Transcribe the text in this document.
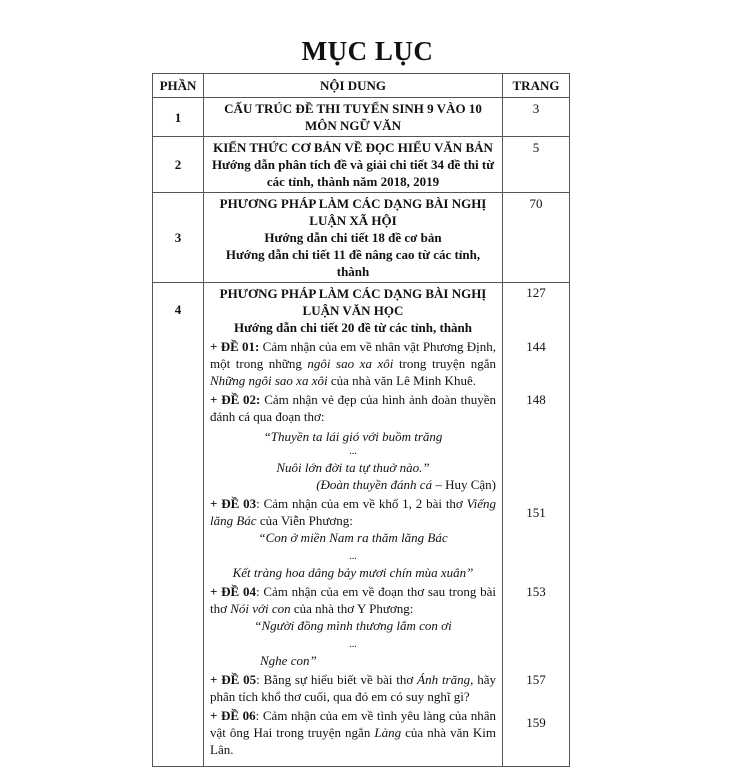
MỤC LỤC
PHẦN	NỘI DUNG	TRANG
1	CẤU TRÚC ĐỀ THI TUYỂN SINH 9 VÀO 10 MÔN NGỮ VĂN	3
2	KIẾN THỨC CƠ BẢN VỀ ĐỌC HIỂU VĂN BẢN
Hướng dẫn phân tích đề và giải chi tiết 34 đề thi từ các tỉnh, thành năm 2018, 2019	5
3	PHƯƠNG PHÁP LÀM CÁC DẠNG BÀI NGHỊ LUẬN XÃ HỘI
Hướng dẫn chi tiết 18 đề cơ bản
Hướng dẫn chi tiết 11 đề nâng cao từ các tỉnh, thành	70
4	PHƯƠNG PHÁP LÀM CÁC DẠNG BÀI NGHỊ LUẬN VĂN HỌC
Hướng dẫn chi tiết 20 đề từ các tỉnh, thành	127
	+ ĐỀ 01: Cảm nhận của em về nhân vật Phương Định, một trong những ngôi sao xa xôi trong truyện ngắn Những ngôi sao xa xôi của nhà văn Lê Minh Khuê.	144
	+ ĐỀ 02: Cảm nhận vẻ đẹp của hình ảnh đoàn thuyền đánh cá qua đoạn thơ:
“Thuyền ta lái gió với buồm trăng
...
Nuôi lớn đời ta tự thuở nào.”
(Đoàn thuyền đánh cá – Huy Cận)	148
	+ ĐỀ 03: Cảm nhận của em về khổ 1, 2 bài thơ Viếng lăng Bác của Viễn Phương:
“Con ở miền Nam ra thăm lăng Bác
...
Kết tràng hoa dâng bảy mươi chín mùa xuân”	151
	+ ĐỀ 04: Cảm nhận của em về đoạn thơ sau trong bài thơ Nói với con của nhà thơ Y Phương:
“Người đồng mình thương lắm con ơi
...
Nghe con”	153
	+ ĐỀ 05: Bằng sự hiểu biết về bài thơ Ánh trăng, hãy phân tích khổ thơ cuối, qua đó em có suy nghĩ gì?	157
	+ ĐỀ 06: Cảm nhận của em về tình yêu làng của nhân vật ông Hai trong truyện ngắn Làng của nhà văn Kim Lân.	159
